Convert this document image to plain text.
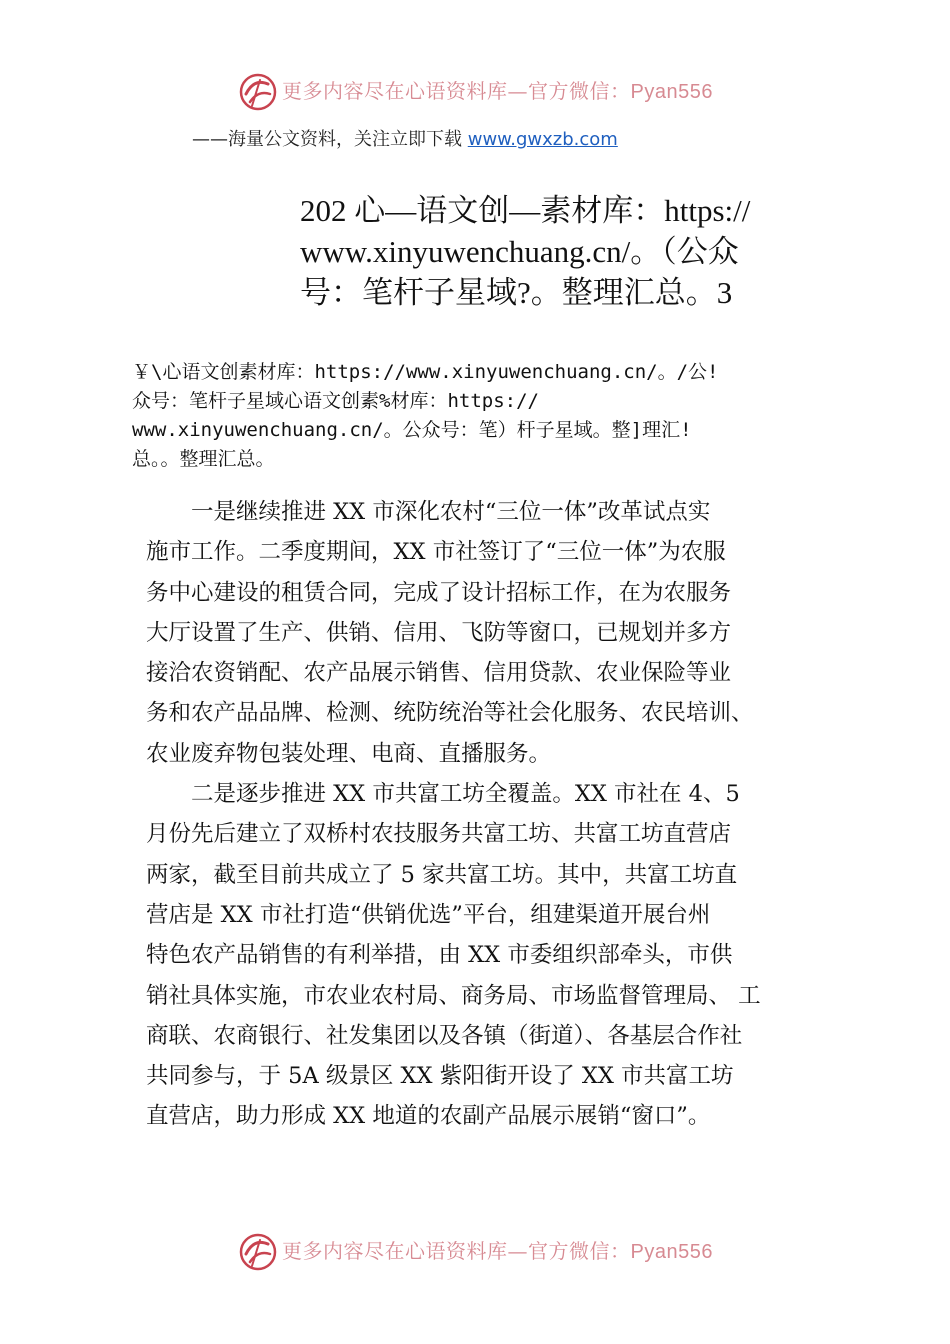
更多内容尽在心语资料库—官方微信：Pyan556
——海量公文资料，关注立即下载 www.gwxzb.com
202 心—语文创—素材库：https://
www.xinyuwenchuang.cn/。（公众
号：笔杆子星域?。整理汇总。3
￥\心语文创素材库：https://www.xinyuwenchuang.cn/。/公!
众号：笔杆子星域心语文创素%材库：https://
www.xinyuwenchuang.cn/。公众号：笔）杆子星域。整]理汇!
总。。整理汇总。
　　一是继续推进 XX 市深化农村“三位一体”改革试点实
施市工作。二季度期间，XX 市社签订了“三位一体”为农服
务中心建设的租赁合同，完成了设计招标工作，在为农服务
大厅设置了生产、供销、信用、飞防等窗口，已规划并多方
接洽农资销配、农产品展示销售、信用贷款、农业保险等业
务和农产品品牌、检测、统防统治等社会化服务、农民培训、
农业废弃物包装处理、电商、直播服务。
　　二是逐步推进 XX 市共富工坊全覆盖。XX 市社在 4、5
月份先后建立了双桥村农技服务共富工坊、共富工坊直营店
两家，截至目前共成立了 5 家共富工坊。其中，共富工坊直
营店是 XX 市社打造“供销优选”平台，组建渠道开展台州
特色农产品销售的有利举措，由 XX 市委组织部牵头，市供
销社具体实施，市农业农村局、商务局、市场监督管理局、 工
商联、农商银行、社发集团以及各镇（街道）、各基层合作社
共同参与，于 5A 级景区 XX 紫阳街开设了 XX 市共富工坊
直营店，助力形成 XX 地道的农副产品展示展销“窗口”。
更多内容尽在心语资料库—官方微信：Pyan556
